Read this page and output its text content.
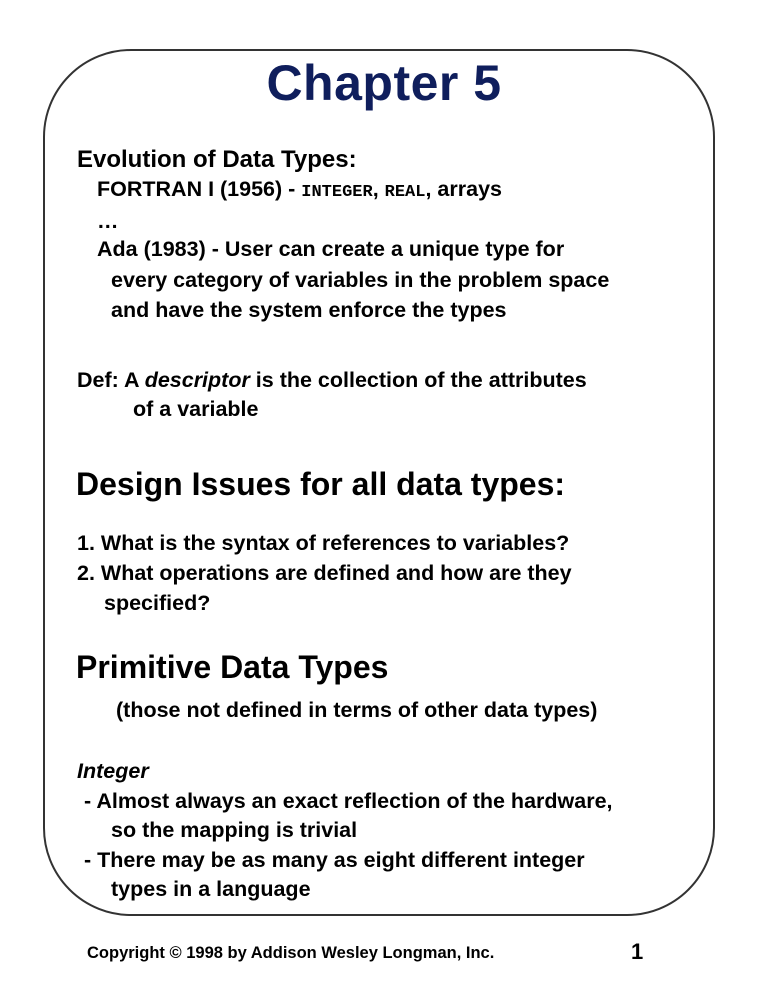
Chapter 5
Evolution of Data Types:
FORTRAN I (1956) - INTEGER, REAL, arrays
…
Ada (1983) - User can create a unique type for
every category of variables in the problem space
and have the system enforce the types
Def: A descriptor is the collection of the attributes
of a variable
Design Issues for all data types:
1. What is the syntax of references to variables?
2. What operations are defined and how are they
specified?
Primitive Data Types
(those not defined in terms of other data types)
Integer
- Almost always an exact reflection of the hardware,
so the mapping is trivial
- There may be as many as eight different integer
types in a language
Copyright © 1998 by Addison Wesley Longman, Inc.	1
